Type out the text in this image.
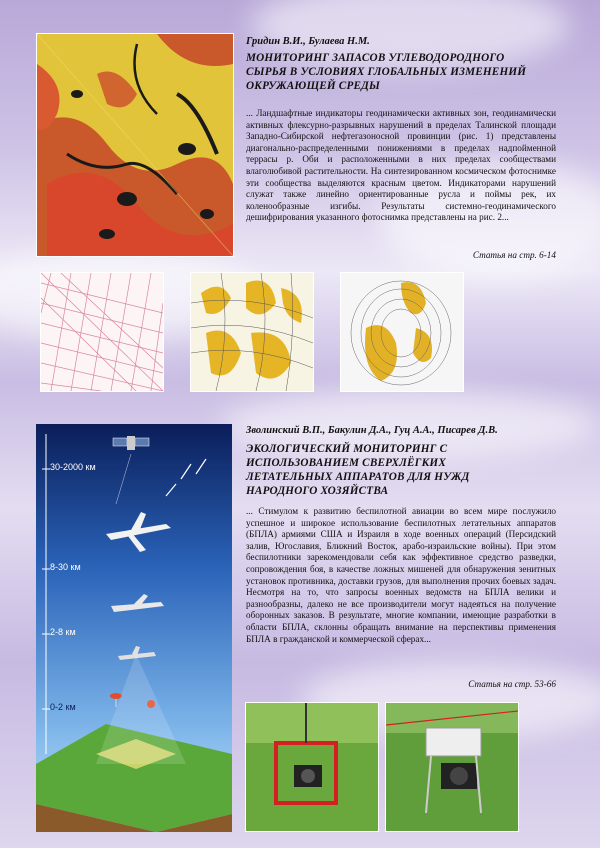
Гридин В.И., Булаева Н.М.
МОНИТОРИНГ ЗАПАСОВ УГЛЕВОДОРОДНОГО СЫРЬЯ В УСЛОВИЯХ ГЛОБАЛЬНЫХ ИЗМЕНЕНИЙ ОКРУЖАЮЩЕЙ СРЕДЫ
... Ландшафтные индикаторы геодинамически активных зон, геодинамически активных флексурно-разрывных нарушений в пределах Талинской площади Западно-Сибирской нефтегазоносной провинции (рис. 1) представлены диагонально-распределенными понижениями в пределах надпойменной террасы р. Оби и расположенными в них пределах сообществами влаголюбивой растительности. На синтезированном космическом фотоснимке эти сообщества выделяются красным цветом. Индикаторами нарушений служат также линейно ориентированные русла и поймы рек, их коленообразные изгибы. Результаты системно-геодинамического дешифрирования указанного фотоснимка представлены на рис. 2...
Статья на стр. 6-14
30-2000 км
8-30 км
2-8 км
0-2 км
Зволинский В.П., Бакулин Д.А., Гуц А.А., Писарев Д.В.
ЭКОЛОГИЧЕСКИЙ МОНИТОРИНГ С ИСПОЛЬЗОВАНИЕМ СВЕРХЛЁГКИХ ЛЕТАТЕЛЬНЫХ АППАРАТОВ ДЛЯ НУЖД НАРОДНОГО ХОЗЯЙСТВА
... Стимулом к развитию беспилотной авиации во всем мире послужило успешное и широкое использование беспилотных летательных аппаратов (БПЛА) армиями США и Израиля в ходе военных операций (Персидский залив, Югославия, Ближний Восток, арабо-израильские войны). При этом беспилотники зарекомендовали себя как эффективное средство разведки, сопровождения боя, в качестве ложных мишеней для обнаружения зенитных установок противника, доставки грузов, для выполнения прочих боевых задач. Несмотря на то, что запросы военных ведомств на БПЛА велики и разнообразны, далеко не все производители могут надеяться на получение оборонных заказов. В результате, многие компании, имеющие разработки в области БПЛА, склонны обращать внимание на перспективы применения БПЛА в гражданской и коммерческой сферах...
Статья на стр. 53-66
